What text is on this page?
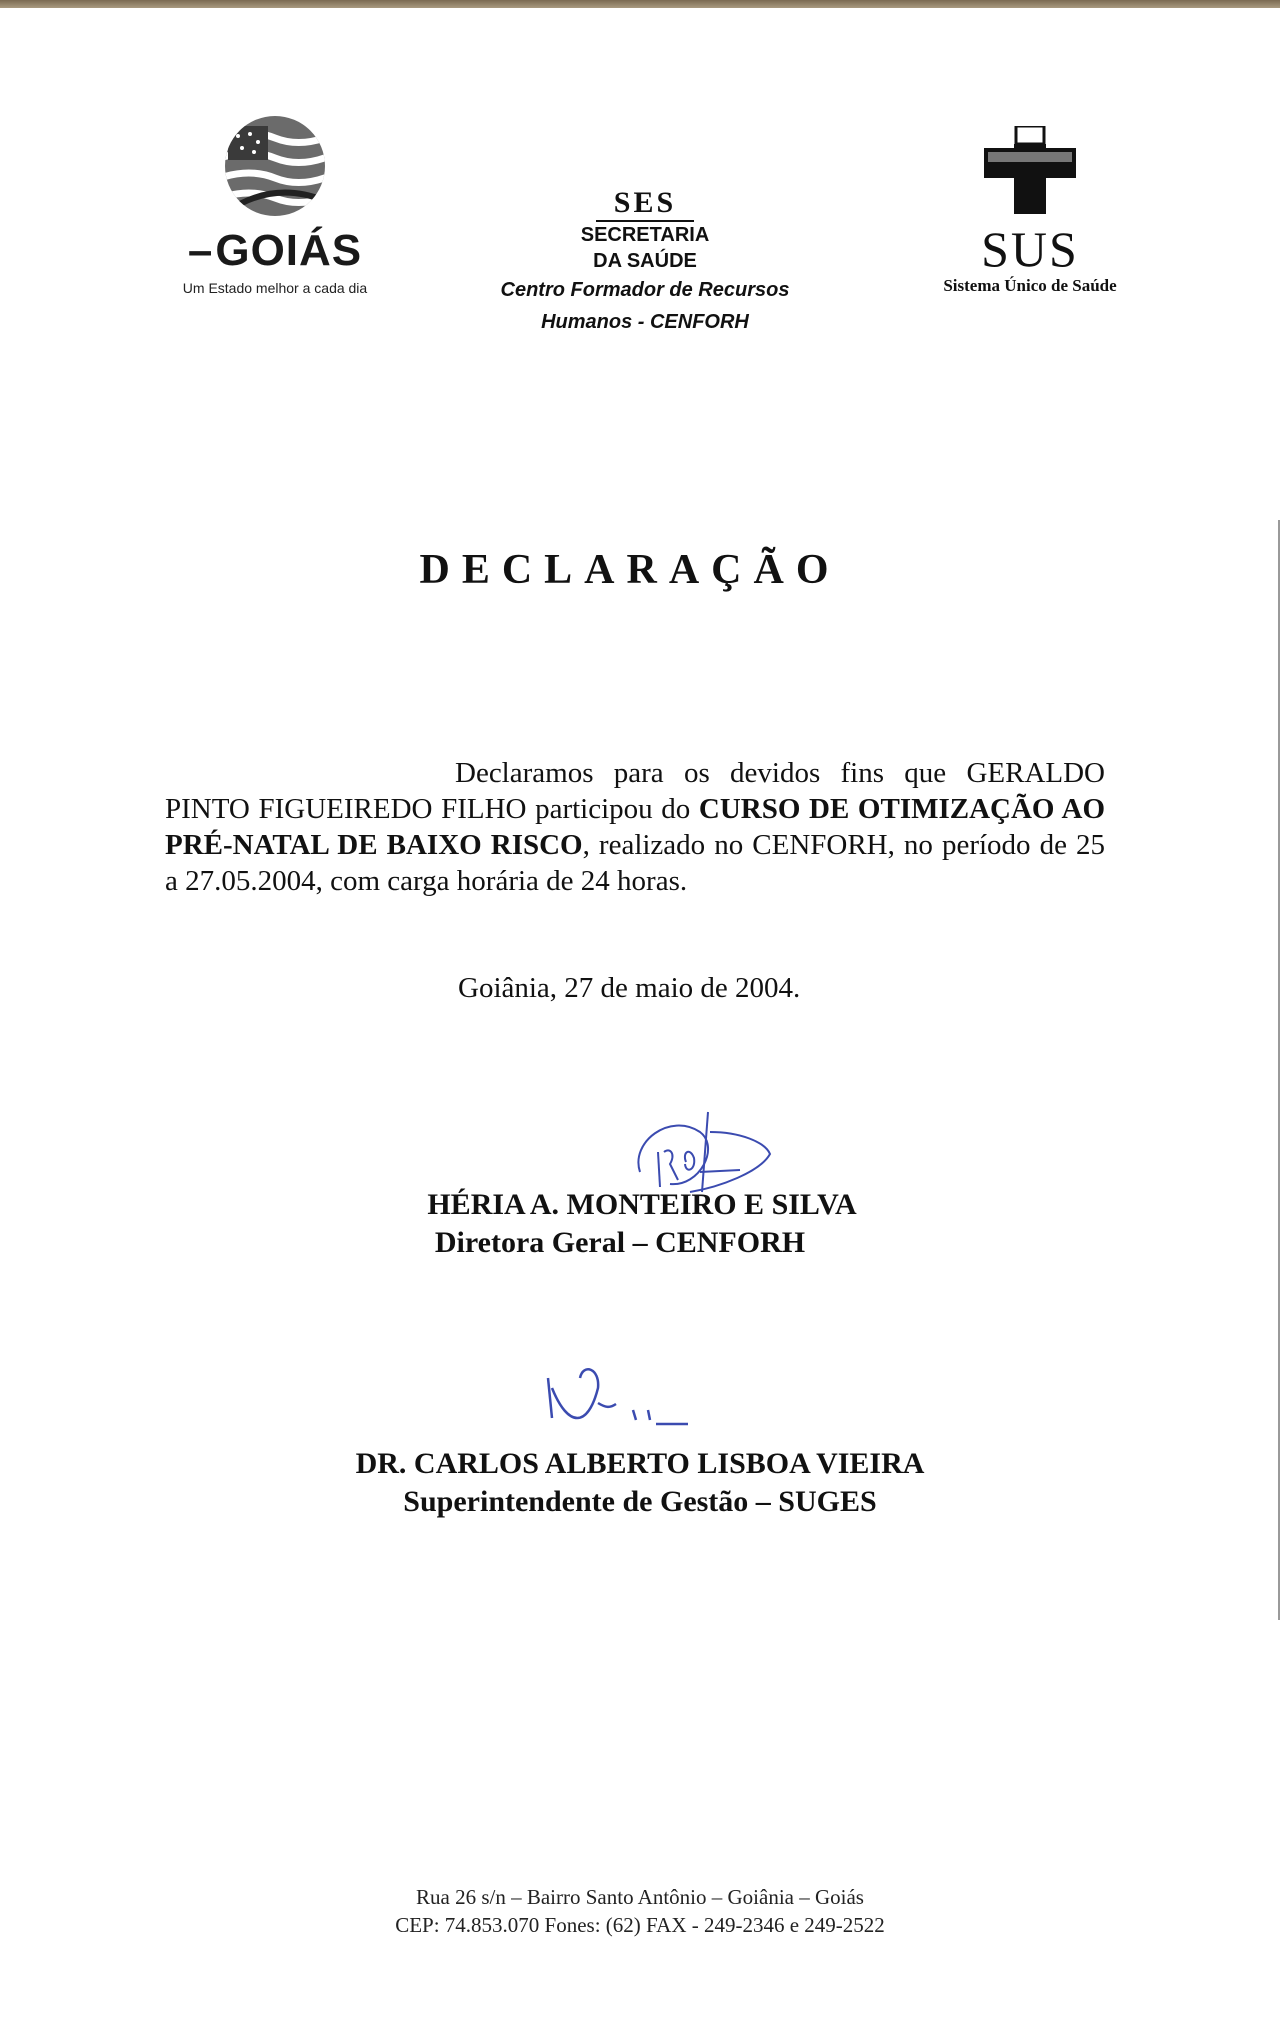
–GOIÁS
Um Estado melhor a cada dia
SES
SECRETARIA
DA SAÚDE
Centro Formador de Recursos
Humanos - CENFORH
SUS
Sistema Único de Saúde
DECLARAÇÃO
Declaramos para os devidos fins que GERALDO PINTO FIGUEIREDO FILHO participou do CURSO DE OTIMIZAÇÃO AO PRÉ-NATAL DE BAIXO RISCO, realizado no CENFORH, no período de 25 a 27.05.2004, com carga horária de 24 horas.
Goiânia, 27 de maio de 2004.
HÉRIA A. MONTEIRO E SILVA
Diretora Geral – CENFORH
DR. CARLOS ALBERTO LISBOA VIEIRA
Superintendente de Gestão – SUGES
Rua 26 s/n – Bairro Santo Antônio – Goiânia – Goiás
CEP: 74.853.070 Fones: (62) FAX - 249-2346 e 249-2522
